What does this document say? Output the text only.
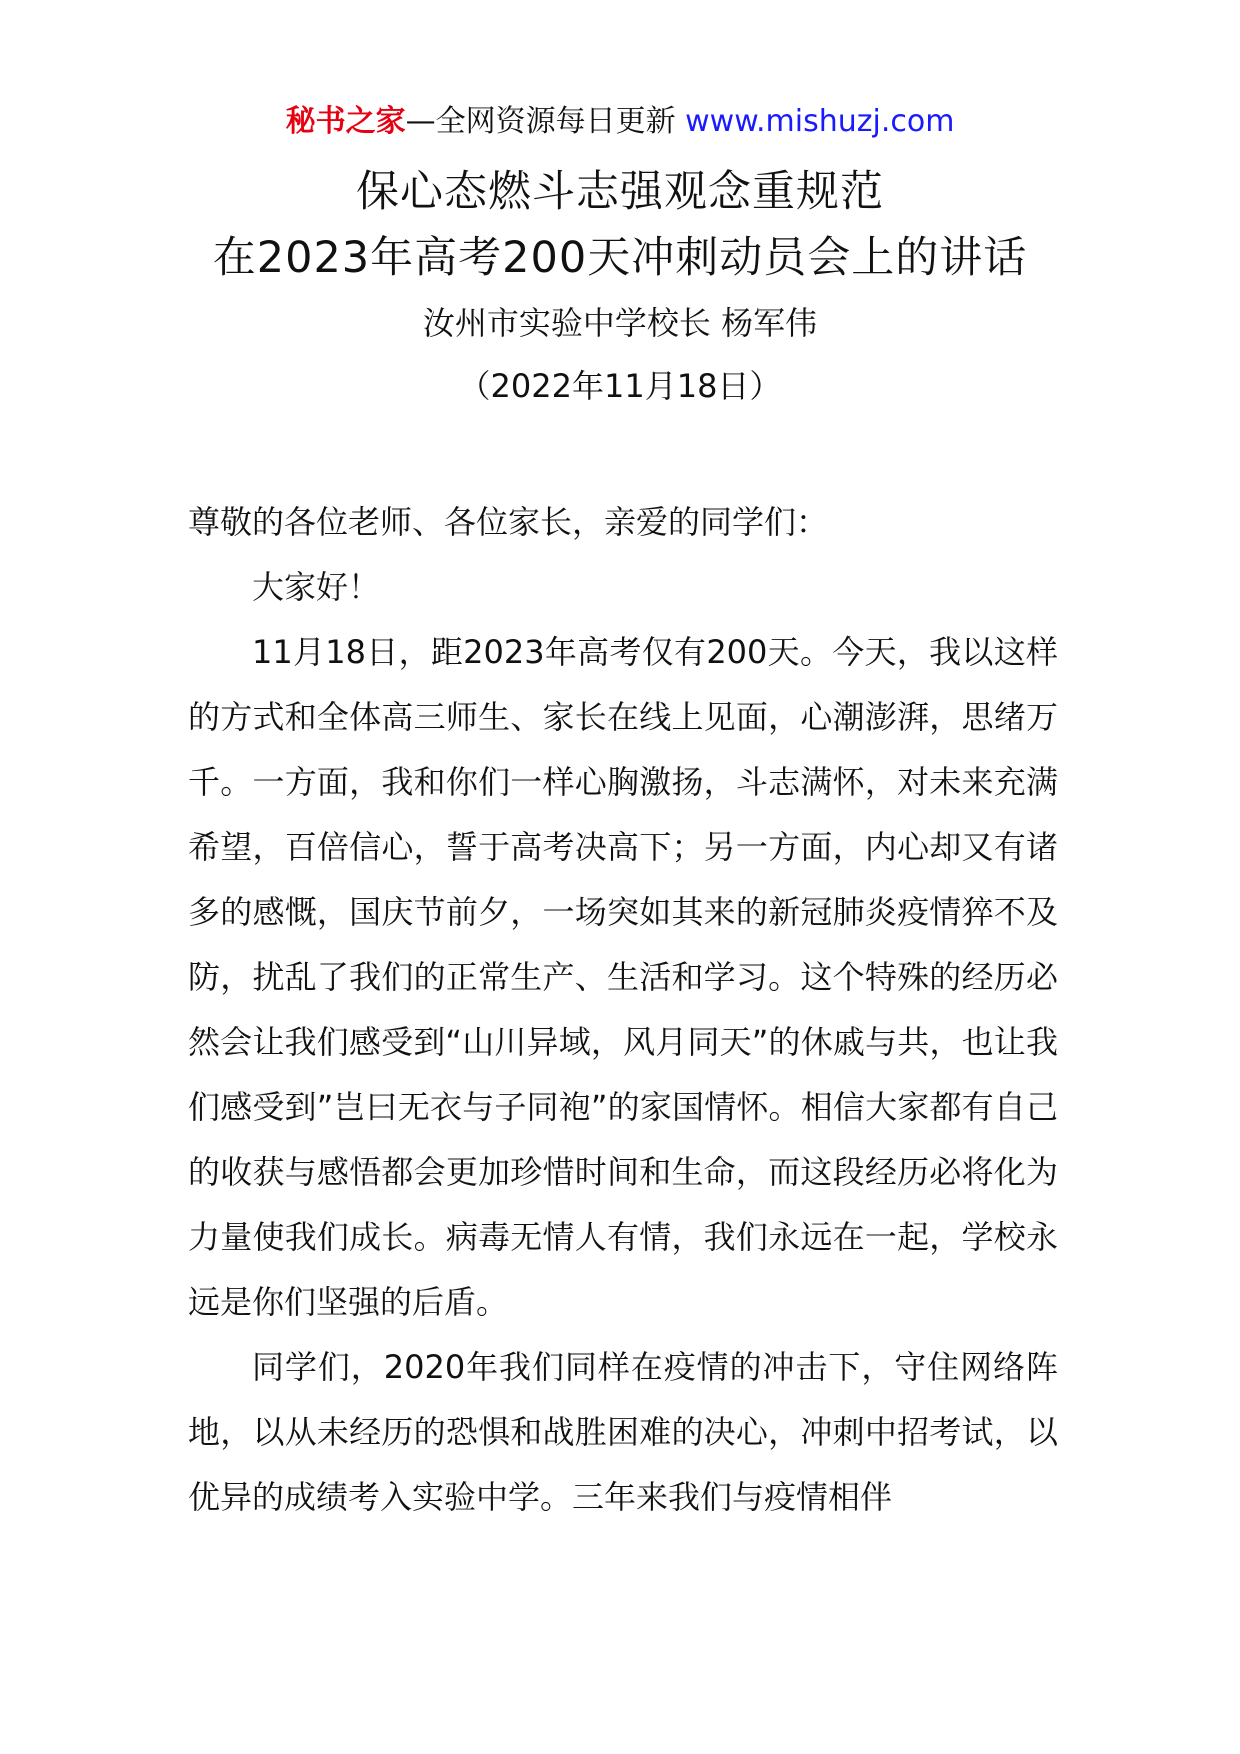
秘书之家—全网资源每日更新 www.mishuzj.com
保心态燃斗志强观念重规范
在2023年高考200天冲刺动员会上的讲话
汝州市实验中学校长 杨军伟
（2022年11月18日）

尊敬的各位老师、各位家长，亲爱的同学们：

大家好！

11月18日，距2023年高考仅有200天。今天，我以这样的方式和全体高三师生、家长在线上见面，心潮澎湃，思绪万千。一方面，我和你们一样心胸激扬，斗志满怀，对未来充满希望，百倍信心，誓于高考决高下；另一方面，内心却又有诸多的感慨，国庆节前夕，一场突如其来的新冠肺炎疫情猝不及防，扰乱了我们的正常生产、生活和学习。这个特殊的经历必然会让我们感受到“山川异域，风月同天”的休戚与共，也让我们感受到”岂曰无衣与子同袍”的家国情怀。相信大家都有自己的收获与感悟都会更加珍惜时间和生命，而这段经历必将化为力量使我们成长。病毒无情人有情，我们永远在一起，学校永远是你们坚强的后盾。

同学们，2020年我们同样在疫情的冲击下，守住网络阵地，以从未经历的恐惧和战胜困难的决心，冲刺中招考试，以优异的成绩考入实验中学。三年来我们与疫情相伴
